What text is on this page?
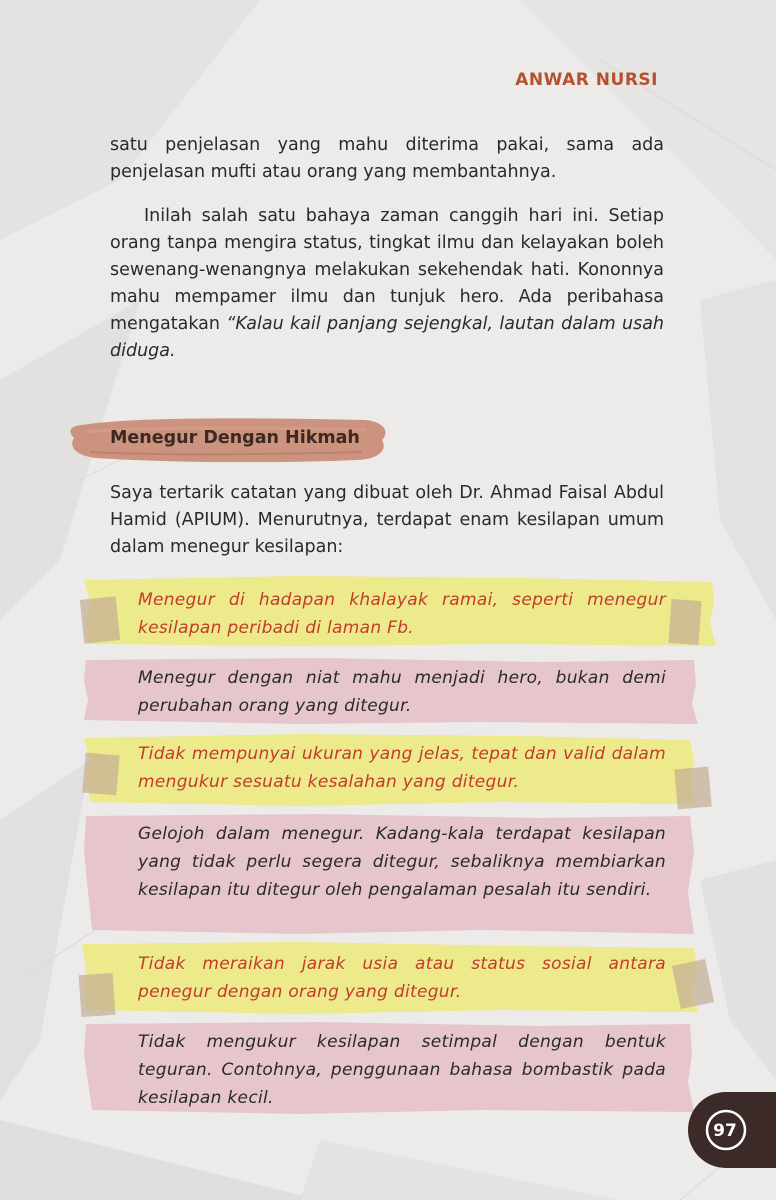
ANWAR NURSI

satu penjelasan yang mahu diterima pakai, sama ada penjelasan mufti atau orang yang membantahnya.

Inilah salah satu bahaya zaman canggih hari ini. Setiap orang tanpa mengira status, tingkat ilmu dan kelayakan boleh sewenang-wenangnya melakukan sekehendak hati. Kononnya mahu mempamer ilmu dan tunjuk hero. Ada peribahasa mengatakan “Kalau kail panjang sejengkal, lautan dalam usah diduga.

Menegur Dengan Hikmah

Saya tertarik catatan yang dibuat oleh Dr. Ahmad Faisal Abdul Hamid (APIUM). Menurutnya, terdapat enam kesilapan umum dalam menegur kesilapan:

Menegur di hadapan khalayak ramai, seperti menegur kesilapan peribadi di laman Fb.

Menegur dengan niat mahu menjadi hero, bukan demi perubahan orang yang ditegur.

Tidak mempunyai ukuran yang jelas, tepat dan valid dalam mengukur sesuatu kesalahan yang ditegur.

Gelojoh dalam menegur. Kadang-kala terdapat kesilapan yang tidak perlu segera ditegur, sebaliknya membiarkan kesilapan itu ditegur oleh pengalaman pesalah itu sendiri.

Tidak meraikan jarak usia atau status sosial antara penegur dengan orang yang ditegur.

Tidak mengukur kesilapan setimpal dengan bentuk teguran. Contohnya, penggunaan bahasa bombastik pada kesilapan kecil.

97
